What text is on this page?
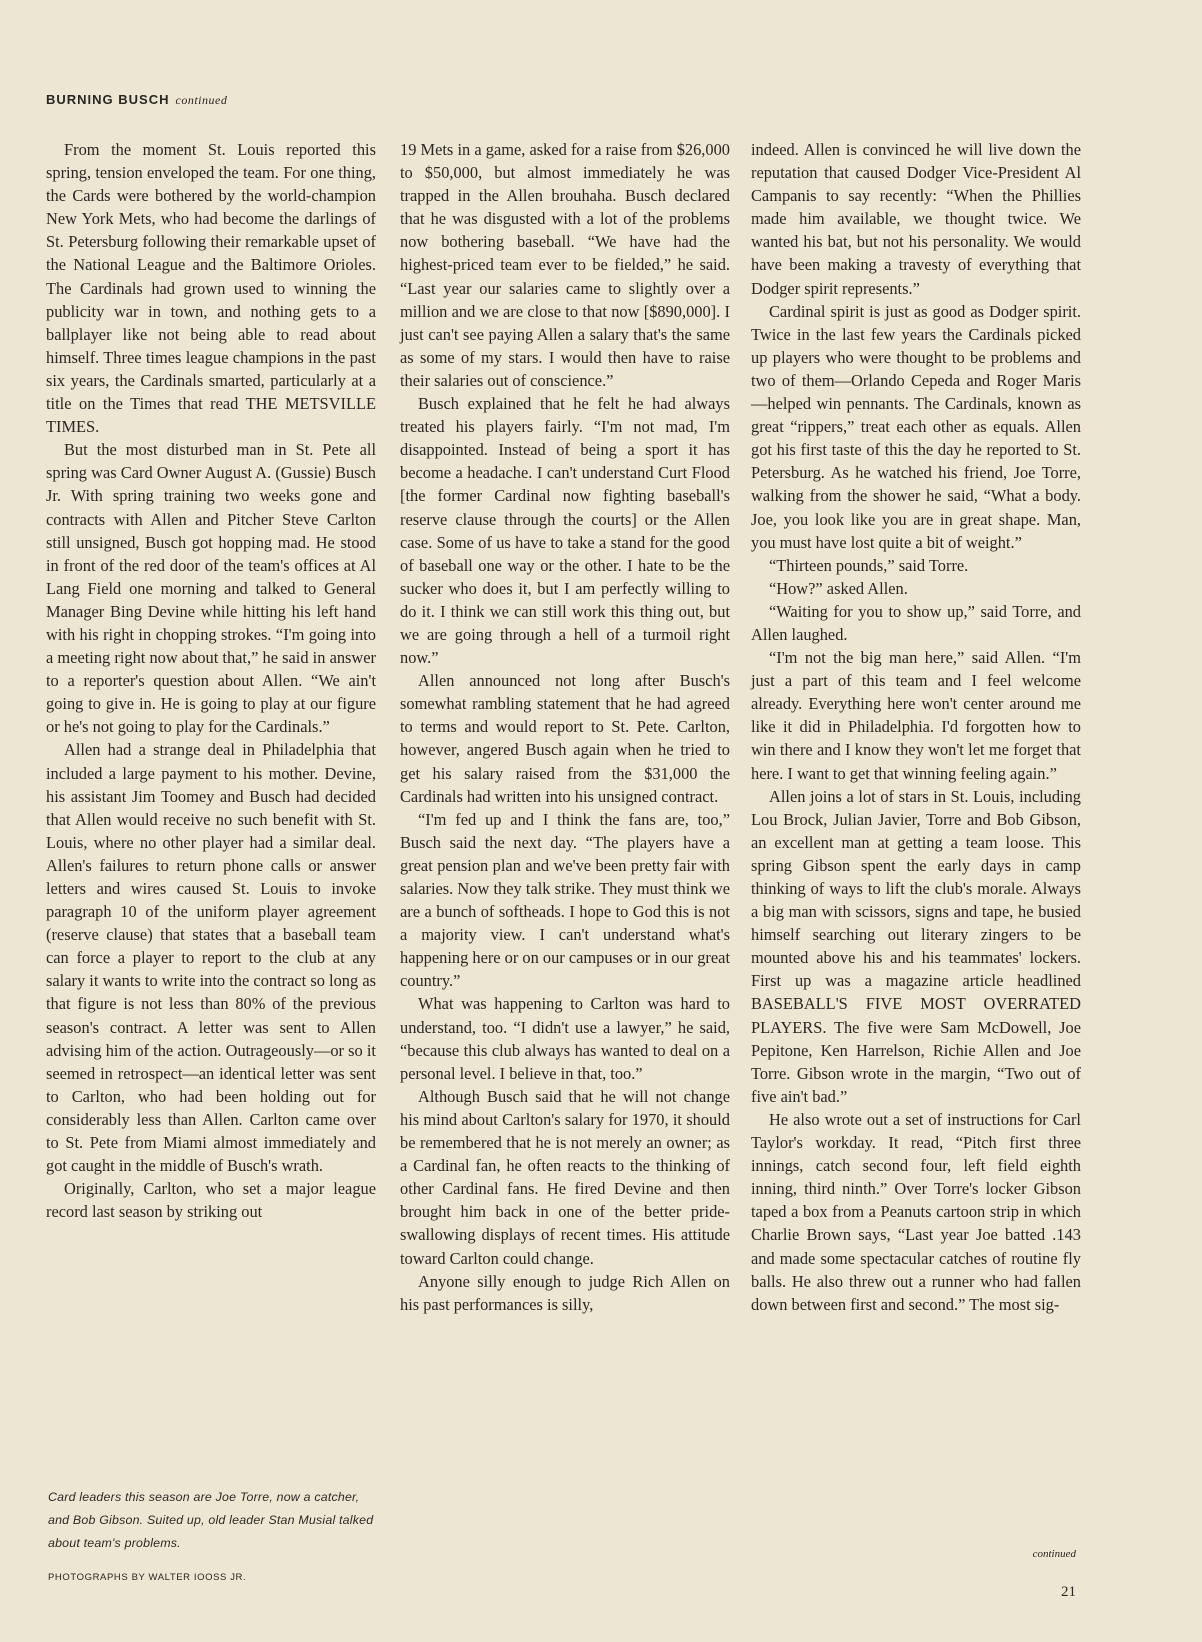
BURNING BUSCH continued

From the moment St. Louis reported this spring, tension enveloped the team. For one thing, the Cards were bothered by the world-champion New York Mets, who had become the darlings of St. Petersburg following their remarkable upset of the National League and the Baltimore Orioles. The Cardinals had grown used to winning the publicity war in town, and nothing gets to a ballplayer like not being able to read about himself. Three times league champions in the past six years, the Cardinals smarted, particularly at a title on the Times that read THE METSVILLE TIMES.

But the most disturbed man in St. Pete all spring was Card Owner August A. (Gussie) Busch Jr. With spring training two weeks gone and contracts with Allen and Pitcher Steve Carlton still unsigned, Busch got hopping mad. He stood in front of the red door of the team's offices at Al Lang Field one morning and talked to General Manager Bing Devine while hitting his left hand with his right in chopping strokes. “I'm going into a meeting right now about that,” he said in answer to a reporter's question about Allen. “We ain't going to give in. He is going to play at our figure or he's not going to play for the Cardinals.”

Allen had a strange deal in Philadelphia that included a large payment to his mother. Devine, his assistant Jim Toomey and Busch had decided that Allen would receive no such benefit with St. Louis, where no other player had a similar deal. Allen's failures to return phone calls or answer letters and wires caused St. Louis to invoke paragraph 10 of the uniform player agreement (reserve clause) that states that a baseball team can force a player to report to the club at any salary it wants to write into the contract so long as that figure is not less than 80% of the previous season's contract. A letter was sent to Allen advising him of the action. Outrageously—or so it seemed in retrospect—an identical letter was sent to Carlton, who had been holding out for considerably less than Allen. Carlton came over to St. Pete from Miami almost immediately and got caught in the middle of Busch's wrath.

Originally, Carlton, who set a major league record last season by striking out

19 Mets in a game, asked for a raise from $26,000 to $50,000, but almost immediately he was trapped in the Allen brouhaha. Busch declared that he was disgusted with a lot of the problems now bothering baseball. “We have had the highest-priced team ever to be fielded,” he said. “Last year our salaries came to slightly over a million and we are close to that now [$890,000]. I just can't see paying Allen a salary that's the same as some of my stars. I would then have to raise their salaries out of conscience.”

Busch explained that he felt he had always treated his players fairly. “I'm not mad, I'm disappointed. Instead of being a sport it has become a headache. I can't understand Curt Flood [the former Cardinal now fighting baseball's reserve clause through the courts] or the Allen case. Some of us have to take a stand for the good of baseball one way or the other. I hate to be the sucker who does it, but I am perfectly willing to do it. I think we can still work this thing out, but we are going through a hell of a turmoil right now.”

Allen announced not long after Busch's somewhat rambling statement that he had agreed to terms and would report to St. Pete. Carlton, however, angered Busch again when he tried to get his salary raised from the $31,000 the Cardinals had written into his unsigned contract.

“I'm fed up and I think the fans are, too,” Busch said the next day. “The players have a great pension plan and we've been pretty fair with salaries. Now they talk strike. They must think we are a bunch of softheads. I hope to God this is not a majority view. I can't understand what's happening here or on our campuses or in our great country.”

What was happening to Carlton was hard to understand, too. “I didn't use a lawyer,” he said, “because this club always has wanted to deal on a personal level. I believe in that, too.”

Although Busch said that he will not change his mind about Carlton's salary for 1970, it should be remembered that he is not merely an owner; as a Cardinal fan, he often reacts to the thinking of other Cardinal fans. He fired Devine and then brought him back in one of the better pride-swallowing displays of recent times. His attitude toward Carlton could change.

Anyone silly enough to judge Rich Allen on his past performances is silly,

indeed. Allen is convinced he will live down the reputation that caused Dodger Vice-President Al Campanis to say recently: “When the Phillies made him available, we thought twice. We wanted his bat, but not his personality. We would have been making a travesty of everything that Dodger spirit represents.”

Cardinal spirit is just as good as Dodger spirit. Twice in the last few years the Cardinals picked up players who were thought to be problems and two of them—Orlando Cepeda and Roger Maris—helped win pennants. The Cardinals, known as great “rippers,” treat each other as equals. Allen got his first taste of this the day he reported to St. Petersburg. As he watched his friend, Joe Torre, walking from the shower he said, “What a body. Joe, you look like you are in great shape. Man, you must have lost quite a bit of weight.”

“Thirteen pounds,” said Torre.

“How?” asked Allen.

“Waiting for you to show up,” said Torre, and Allen laughed.

“I'm not the big man here,” said Allen. “I'm just a part of this team and I feel welcome already. Everything here won't center around me like it did in Philadelphia. I'd forgotten how to win there and I know they won't let me forget that here. I want to get that winning feeling again.”

Allen joins a lot of stars in St. Louis, including Lou Brock, Julian Javier, Torre and Bob Gibson, an excellent man at getting a team loose. This spring Gibson spent the early days in camp thinking of ways to lift the club's morale. Always a big man with scissors, signs and tape, he busied himself searching out literary zingers to be mounted above his and his teammates' lockers. First up was a magazine article headlined BASEBALL'S FIVE MOST OVERRATED PLAYERS. The five were Sam McDowell, Joe Pepitone, Ken Harrelson, Richie Allen and Joe Torre. Gibson wrote in the margin, “Two out of five ain't bad.”

He also wrote out a set of instructions for Carl Taylor's workday. It read, “Pitch first three innings, catch second four, left field eighth inning, third ninth.” Over Torre's locker Gibson taped a box from a Peanuts cartoon strip in which Charlie Brown says, “Last year Joe batted .143 and made some spectacular catches of routine fly balls. He also threw out a runner who had fallen down between first and second.” The most sig-

Card leaders this season are Joe Torre, now a catcher, and Bob Gibson. Suited up, old leader Stan Musial talked about team's problems.
PHOTOGRAPHS BY WALTER IOOSS JR.
continued
21
